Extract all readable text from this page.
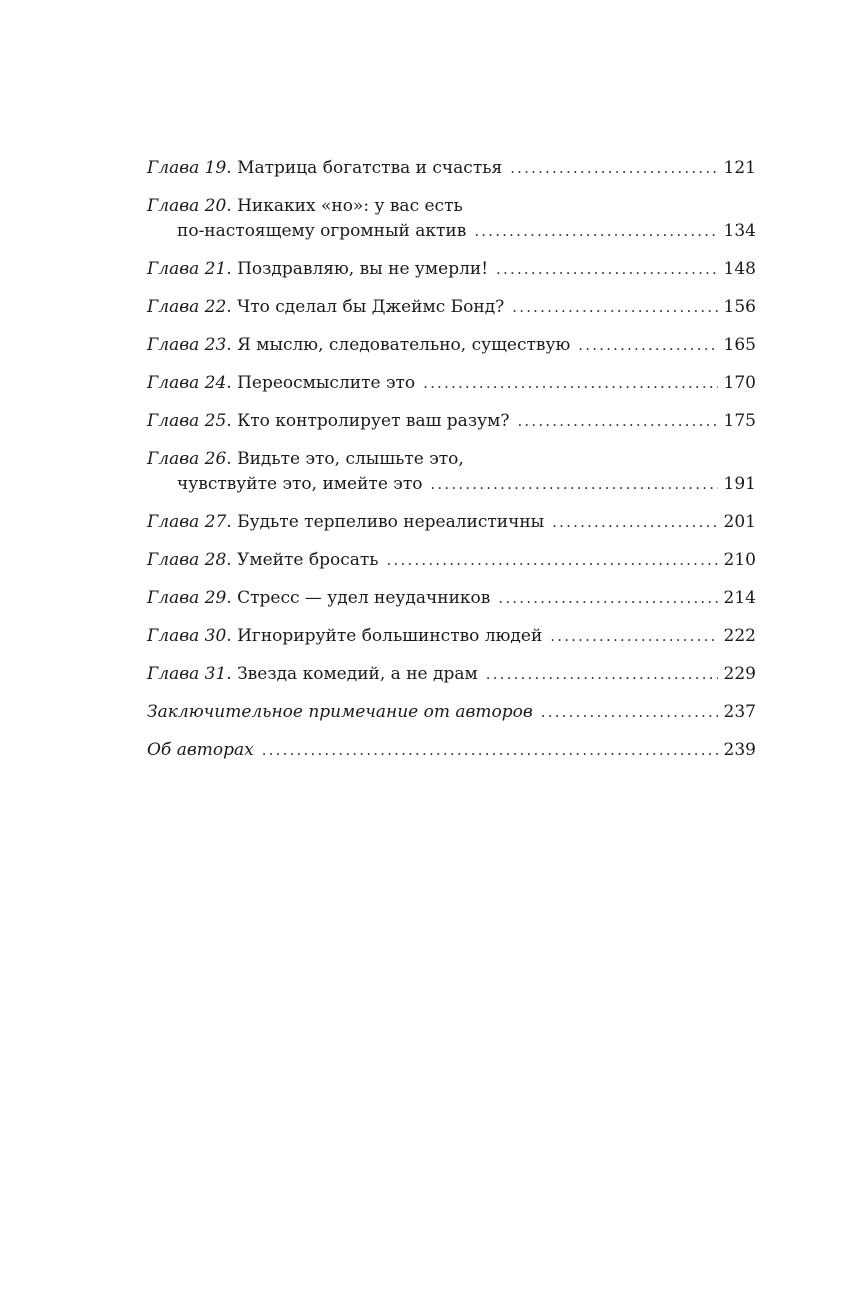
Глава 19. Матрица богатства и счастья .....	121
Глава 20. Никаких «но»: у вас есть
по-настоящему огромный актив .....	134
Глава 21. Поздравляю, вы не умерли! .....	148
Глава 22. Что сделал бы Джеймс Бонд? .....	156
Глава 23. Я мыслю, следовательно, существую .....	165
Глава 24. Переосмыслите это .....	170
Глава 25. Кто контролирует ваш разум? .....	175
Глава 26. Видьте это, слышьте это,
чувствуйте это, имейте это .....	191
Глава 27. Будьте терпеливо нереалистичны .....	201
Глава 28. Умейте бросать .....	210
Глава 29. Стресс — удел неудачников .....	214
Глава 30. Игнорируйте большинство людей .....	222
Глава 31. Звезда комедий, а не драм .....	229
Заключительное примечание от авторов .....	237
Об авторах .....	239
